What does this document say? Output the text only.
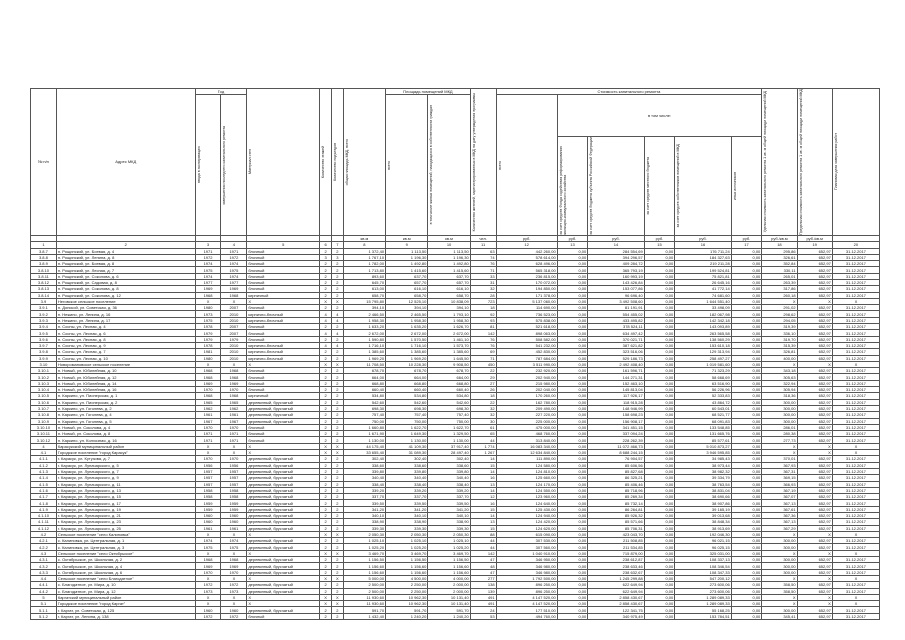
№ п/п	Адрес МКД	Год		Материал стен	Количество этажей	Количество подъездов	общая площадь МКД, всего	Площадь помещений МКД		Количество жителей, зарегистрированных в МКД на дату утверждения программы	Стоимость капитального ремонта						Удельная стоимость капитального ремонта 1 кв. м общей площади помещений МКД	Предельная стоимость капитального ремонта 1 кв. м общей площади помещений МКД	Плановая дата завершения работ

		ввода в эксплуатацию	завершения последнего капитального ремонта					всего	в том числе жилых помещений, находящихся в собственности граждан		всего	в том числе:							

												за счет средств Фонда содействия реформированию жилищно-коммунального хозяйства	за счет средств бюджета субъекта Российской Федерации	за счет средств местного бюджета	за счет средств собственников помещений в МКД	иных источников			

							кв.м	кв.м	кв.м	чел.	руб.	руб.	руб.	руб.	руб.	руб.	руб./кв.м	руб./кв.м	
1	2	3	4	5	6	7	8	9	10	11	12	13	14	15	16	17	18	19	20
3.8.7	п. Рощинский, ул. Боевая, д. 4	1971	1971	блочный	2	2	1 372,40	1 113,50	1 113,50	63	442 260,00	0,00	284 554,69	0,00	176 711,24	0,00	295,86	652,97	31.12.2017
3.8.8	п. Рощинский, ул. Ленина, д. 8	1972	1972	блочный	3	3	1 767,10	1 196,30	1 196,30	74	578 614,00	0,00	394 296,57	0,00	184 327,63	0,00	326,61	652,97	31.12.2017
3.8.9	п. Рощинский, ул. Боевая, д. 8	1974	1974	блочный	2	2	1 782,00	1 492,80	1 492,80	76	628 496,00	0,00	409 284,72	0,00	219 211,28	0,00	352,84	652,97	31.12.2017
3.8.10	п. Рощинский, ул. Лесная, д. 7	1975	1975	блочный	2	2	1 713,80	1 415,60	1 415,60	71	565 318,00	0,00	365 793,19	0,00	199 524,81	0,00	330,11	652,97	31.12.2017
3.8.11	п. Рощинский, ул. Соколова, д. 6	1974	1974	блочный	2	2	893,60	637,70	637,70	33	236 815,00	0,00	160 993,19	0,00	75 821,81	0,00	265,01	652,97	31.12.2017
3.8.12	п. Рощинский, ул. Садовая, д. 8	1977	1977	блочный	2	2	645,70	657,70	657,70	31	170 072,00	0,00	143 426,84	0,00	26 645,16	0,00	263,39	652,97	31.12.2017
3.8.13	п. Рощинский, ул. Соколова, д. 8	1969	1969	блочный	2	2	613,00	616,10	616,10	32	194 850,00	0,00	153 077,86	0,00	41 772,14	0,00	317,86	652,97	31.12.2017
3.8.14	п. Рощинский, ул. Соколова, д. 12	1968	1968	кирпичный	2	2	658,70	658,70	658,70	28	171 378,00	0,00	96 696,40	0,00	74 681,60	0,00	260,18	652,97	31.12.2017
3.9	Неговское сельское поселение	X	X	X	X	X	15 795,80	12 525,10	10 838,09	723	5 137 060,00	0,00	3 492 508,60	0,00	1 644 551,40	0,00	X	X	X
3.9.1	п. Донской, ул. Советская, д. 36	1980	2007	блочный	2	2	394,10	394,10	394,10	18	114 690,00	0,00	81 191,91	0,00	33 498,09	0,00	291,02	652,97	31.12.2017
3.9.2	п. Нежино, ул. Ленина, д. 16	1973	2010	кирпично-блочный	4	4	2 466,50	2 465,50	1 793,10	92	736 523,00	0,00	554 455,02	0,00	182 067,98	0,00	298,62	652,97	31.12.2017
3.9.3	п. Нежино, ул. Ленина, д. 17	1975	2010	кирпично-блочный	4	4	1 958,30	1 958,30	1 958,30	93	575 838,00	0,00	433 495,82	0,00	142 342,18	0,00	294,05	652,97	31.12.2017
3.9.4	п. Сосны, ул. Лесная, д. 4	1978	2007	блочный	2	2	1 633,20	1 635,20	1 626,70	81	521 618,00	0,00	378 524,11	0,00	143 093,89	0,00	319,39	652,97	31.12.2017
3.9.5	п. Сосны, ул. Лесная, д. 6	1979	2007	блочный	4	4	2 672,00	2 672,00	2 672,00	142	898 063,00	0,00	634 497,42	0,00	263 565,58	0,00	336,10	652,97	31.12.2017
3.9.6	п. Сосны, ул. Лесная, д. 8	1979	1979	блочный	2	2	1 590,80	1 570,50	1 461,10	76	508 582,00	0,00	370 021,71	0,00	138 560,29	0,00	319,70	652,97	31.12.2017
3.9.7	п. Сосны, ул. Лесная, д. 9	1978	2010	кирпично-блочный	4	4	1 716,10	1 716,10	1 573,70	76	541 232,00	0,00	387 621,82	0,00	153 610,18	0,00	315,39	652,97	31.12.2017
3.9.8	п. Сосны, ул. Лесная, д. 7	1981	2010	кирпично-блочный	2	2	1 385,60	1 385,60	1 385,60	69	452 830,00	0,00	323 516,06	0,00	129 313,94	0,00	326,81	652,97	31.12.2017
3.9.9	п. Сосны, ул. Лесная, д. 10	1980	2010	кирпично-блочный	2	2	1 969,20	1 969,20	1 645,50	71	787 684,00	0,00	529 186,73	0,00	258 497,27	0,00	400,00	652,97	31.12.2017
3.10	Новоромановское сельское поселение	X	X	X	X	X	11 708,50	10 228,30	9 908,50	450	3 511 990,00	0,00	2 492 408,40	0,00	1 019 581,60	0,00	X	X	X
3.10.1	п. Новый, ул. Юбилейная, д. 10	1968	1968	блочный	2	2	678,70	678,70	678,70	22	232 920,00	0,00	161 596,71	0,00	71 323,29	0,00	343,18	652,97	31.12.2017
3.10.2	п. Новый, ул. Юбилейная, д. 12	1968	1968	блочный	2	2	664,00	664,00	664,00	29	202 940,00	0,00	144 271,31	0,00	58 668,69	0,00	305,63	652,97	31.12.2017
3.10.3	п. Новый, ул. Юбилейная, д. 14	1969	1969	блочный	2	2	668,80	668,80	668,80	27	215 980,00	0,00	152 463,10	0,00	63 516,90	0,00	322,94	652,97	31.12.2017
3.10.4	п. Новый, ул. Юбилейная, д. 16	1970	1970	блочный	2	2	660,40	660,40	660,40	26	202 040,00	0,00	145 813,04	0,00	56 226,96	0,00	305,94	652,97	31.12.2017
3.10.5	п. Каркино, ул. Пионерская, д. 1	1968	1968	кирпичный	2	2	534,80	534,80	534,80	18	170 260,00	0,00	117 926,17	0,00	52 333,83	0,00	318,36	652,97	31.12.2017
3.10.6	п. Каркино, ул. Пионерская, д. 2	1965	1965	деревянный, брусчатый	2	2	542,60	542,60	542,60	22	162 780,00	0,00	118 915,28	0,00	43 864,72	0,00	300,00	652,97	31.12.2017
3.10.7	п. Каркино, ул. Гоголева, д. 2	1962	1962	деревянный, брусчатый	2	2	698,30	698,30	698,30	32	209 490,00	0,00	148 946,99	0,00	60 543,01	0,00	300,00	652,97	31.12.2017
3.10.8	п. Каркино, ул. Гоголева, д. 4	1961	1961	деревянный, брусчатый	2	2	757,40	757,40	757,40	32	227 220,00	0,00	158 698,23	0,00	68 521,77	0,00	300,00	652,97	31.12.2017
3.10.9	п. Каркино, ул. Гоголева, д. 5	1967	1967	деревянный, брусчатый	2	2	750,00	750,00	750,00	30	225 000,00	0,00	156 908,17	0,00	68 091,83	0,00	300,00	652,97	31.12.2017
3.10.10	п. Новый, ул. Соколова, д. 4	1970	1970	блочный	2	2	1 660,80	1 622,70	1 622,70	61	475 000,00	0,00	341 451,15	0,00	133 548,85	0,00	286,01	652,97	31.12.2017
3.10.11	п. Новый, ул. Соколова, д. 8	1971	1971	блочный	2	2	1 671,90	1 649,30	1 329,50	65	468 760,00	0,00	337 094,24	0,00	131 665,76	0,00	280,38	652,97	31.12.2017
3.10.12	п. Каркино, ул. Колхозная, д. 16	1971	1971	блочный	2	2	1 130,00	1 130,00	1 130,00	44	313 840,00	0,00	228 262,39	0,00	85 577,61	0,00	277,73	652,97	31.12.2017
4	Карасукский муниципальный район	X	X	X	X	X	44 175,40	41 109,30	37 917,40	1 774	16 083 340,00	0,00	11 072 466,73	0,00	5 010 873,27	0,00	X	X	X
4.1	Городское поселение "город Карасук"	X	X	X	X	X	33 655,40	31 089,30	28 497,40	1 267	12 634 840,00	0,00	8 688 244,15	0,00	3 946 595,85	0,00	X	X	X
4.1.1	г. Карасук, ул. Кутузова, д. 7	1970	1970	деревянный, брусчатый	2	2	302,40	302,40	302,40	14	111 890,00	0,00	76 904,57	0,00	34 985,43	0,00	370,01	652,97	31.12.2017
4.1.2	г. Карасук, ул. Луначарского, д. 5	1956	1956	деревянный, брусчатый	2	2	338,60	338,60	338,60	15	124 580,00	0,00	85 606,56	0,00	38 973,44	0,00	367,93	652,97	31.12.2017
4.1.3	г. Карасук, ул. Луначарского, д. 7	1957	1957	деревянный, брусчатый	2	2	339,80	339,80	339,80	14	124 810,00	0,00	85 827,68	0,00	38 982,32	0,00	367,31	652,97	31.12.2017
4.1.4	г. Карасук, ул. Луначарского, д. 9	1957	1957	деревянный, брусчатый	2	2	340,40	340,40	340,40	16	125 660,00	0,00	86 325,21	0,00	39 334,79	0,00	369,15	652,97	31.12.2017
4.1.5	г. Карасук, ул. Луначарского, д. 11	1957	1957	деревянный, брусчатый	2	2	338,40	338,40	338,40	13	124 170,00	0,00	85 406,46	0,00	38 763,54	0,00	366,93	652,97	31.12.2017
4.1.6	г. Карасук, ул. Луначарского, д. 13	1958	1958	деревянный, брусчатый	2	2	339,20	339,20	339,20	14	124 550,00	0,00	85 718,96	0,00	38 831,04	0,00	367,19	652,97	31.12.2017
4.1.7	г. Карасук, ул. Луначарского, д. 15	1958	1958	деревянный, брусчатый	2	2	337,70	337,70	337,70	12	123 960,00	0,00	85 269,34	0,00	38 690,66	0,00	367,07	652,97	31.12.2017
4.1.8	г. Карасук, ул. Луначарского, д. 17	1959	1959	деревянный, брусчатый	2	2	339,50	339,50	339,50	16	124 640,00	0,00	85 732,14	0,00	38 907,86	0,00	367,13	652,97	31.12.2017
4.1.9	г. Карасук, ул. Луначарского, д. 19	1959	1959	деревянный, брусчатый	2	2	341,20	341,20	341,20	15	125 430,00	0,00	86 264,81	0,00	39 165,19	0,00	367,61	652,97	31.12.2017
4.1.10	г. Карасук, ул. Луначарского, д. 21	1960	1960	деревянный, брусчатый	2	2	340,10	340,10	340,10	14	124 940,00	0,00	85 926,32	0,00	39 013,68	0,00	367,36	652,97	31.12.2017
4.1.11	г. Карасук, ул. Луначарского, д. 23	1960	1960	деревянный, брусчатый	2	2	338,90	338,90	338,90	13	124 420,00	0,00	85 571,66	0,00	38 848,34	0,00	367,13	652,97	31.12.2017
4.1.12	г. Карасук, ул. Луначарского, д. 25	1961	1961	деревянный, брусчатый	2	2	339,30	339,30	339,30	15	124 620,00	0,00	85 706,31	0,00	38 913,69	0,00	367,29	652,97	31.12.2017
4.2	Сельское поселение "село Калиновка"	X	X	X	X	X	2 050,30	2 050,30	2 050,30	88	615 090,00	0,00	423 043,70	0,00	192 046,30	0,00	X	X	X
4.2.1	с. Калиновка, ул. Центральная, д. 1	1974	1974	деревянный, брусчатый	2	2	1 025,10	1 025,10	1 025,10	44	307 530,00	0,00	211 508,85	0,00	96 021,15	0,00	300,00	652,97	31.12.2017
4.2.2	с. Калиновка, ул. Центральная, д. 3	1975	1975	деревянный, брусчатый	2	2	1 025,20	1 025,20	1 025,20	44	307 560,00	0,00	211 534,85	0,00	96 025,15	0,00	300,00	652,97	31.12.2017
4.3	Сельское поселение "село Октябрьское"	X	X	X	X	X	3 469,70	3 469,70	3 469,70	142	1 040 910,00	0,00	715 879,00	0,00	325 031,00	0,00	X	X	X
4.3.1	с. Октябрьское, ул. Школьная, д. 2	1968	1968	деревянный, брусчатый	2	2	1 156,50	1 156,50	1 156,50	47	346 950,00	0,00	238 612,87	0,00	108 337,13	0,00	300,00	652,97	31.12.2017
4.3.2	с. Октябрьское, ул. Школьная, д. 4	1969	1969	деревянный, брусчатый	2	2	1 156,60	1 156,60	1 156,60	48	346 980,00	0,00	238 633,46	0,00	108 346,54	0,00	300,00	652,97	31.12.2017
4.3.3	с. Октябрьское, ул. Школьная, д. 6	1970	1970	деревянный, брусчатый	2	2	1 156,60	1 156,60	1 156,60	47	346 980,00	0,00	238 632,67	0,00	108 347,33	0,00	300,00	652,97	31.12.2017
4.4	Сельское поселение "село Благодатное"	X	X	X	X	X	5 000,00	4 500,00	4 000,00	277	1 792 500,00	0,00	1 245 299,88	0,00	547 200,12	0,00	X	X	X
4.4.1	с. Благодатное, ул. Мира, д. 10	1972	1972	деревянный, брусчатый	2	2	2 500,00	2 250,00	2 000,00	138	896 250,00	0,00	622 649,94	0,00	273 600,06	0,00	358,50	652,97	31.12.2017
4.4.2	с. Благодатное, ул. Мира, д. 12	1973	1973	деревянный, брусчатый	2	2	2 500,00	2 250,00	2 000,00	139	896 250,00	0,00	622 649,94	0,00	273 600,06	0,00	358,50	652,97	31.12.2017
5	Каргатский муниципальный район	X	X	X	X	X	11 930,60	10 962,30	10 131,40	491	4 147 520,00	0,00	2 858 430,67	0,00	1 289 089,33	0,00	X	X	X
5.1	Городское поселение "город Каргат"	X	X	X	X	X	11 930,60	10 962,30	10 131,40	491	4 147 520,00	0,00	2 858 430,67	0,00	1 289 089,33	0,00	X	X	X
5.1.1	г. Каргат, ул. Советская, д. 125	1960	1960	деревянный, брусчатый	2	2	591,70	591,70	591,70	24	177 510,00	0,00	122 341,75	0,00	55 168,25	0,00	300,00	652,97	31.12.2017
5.1.2	г. Каргат, ул. Ленина, д. 138	1972	1972	блочный	2	2	1 432,40	1 240,20	1 240,20	53	494 760,00	0,00	340 975,49	0,00	153 784,51	0,00	345,41	652,97	31.12.2017
